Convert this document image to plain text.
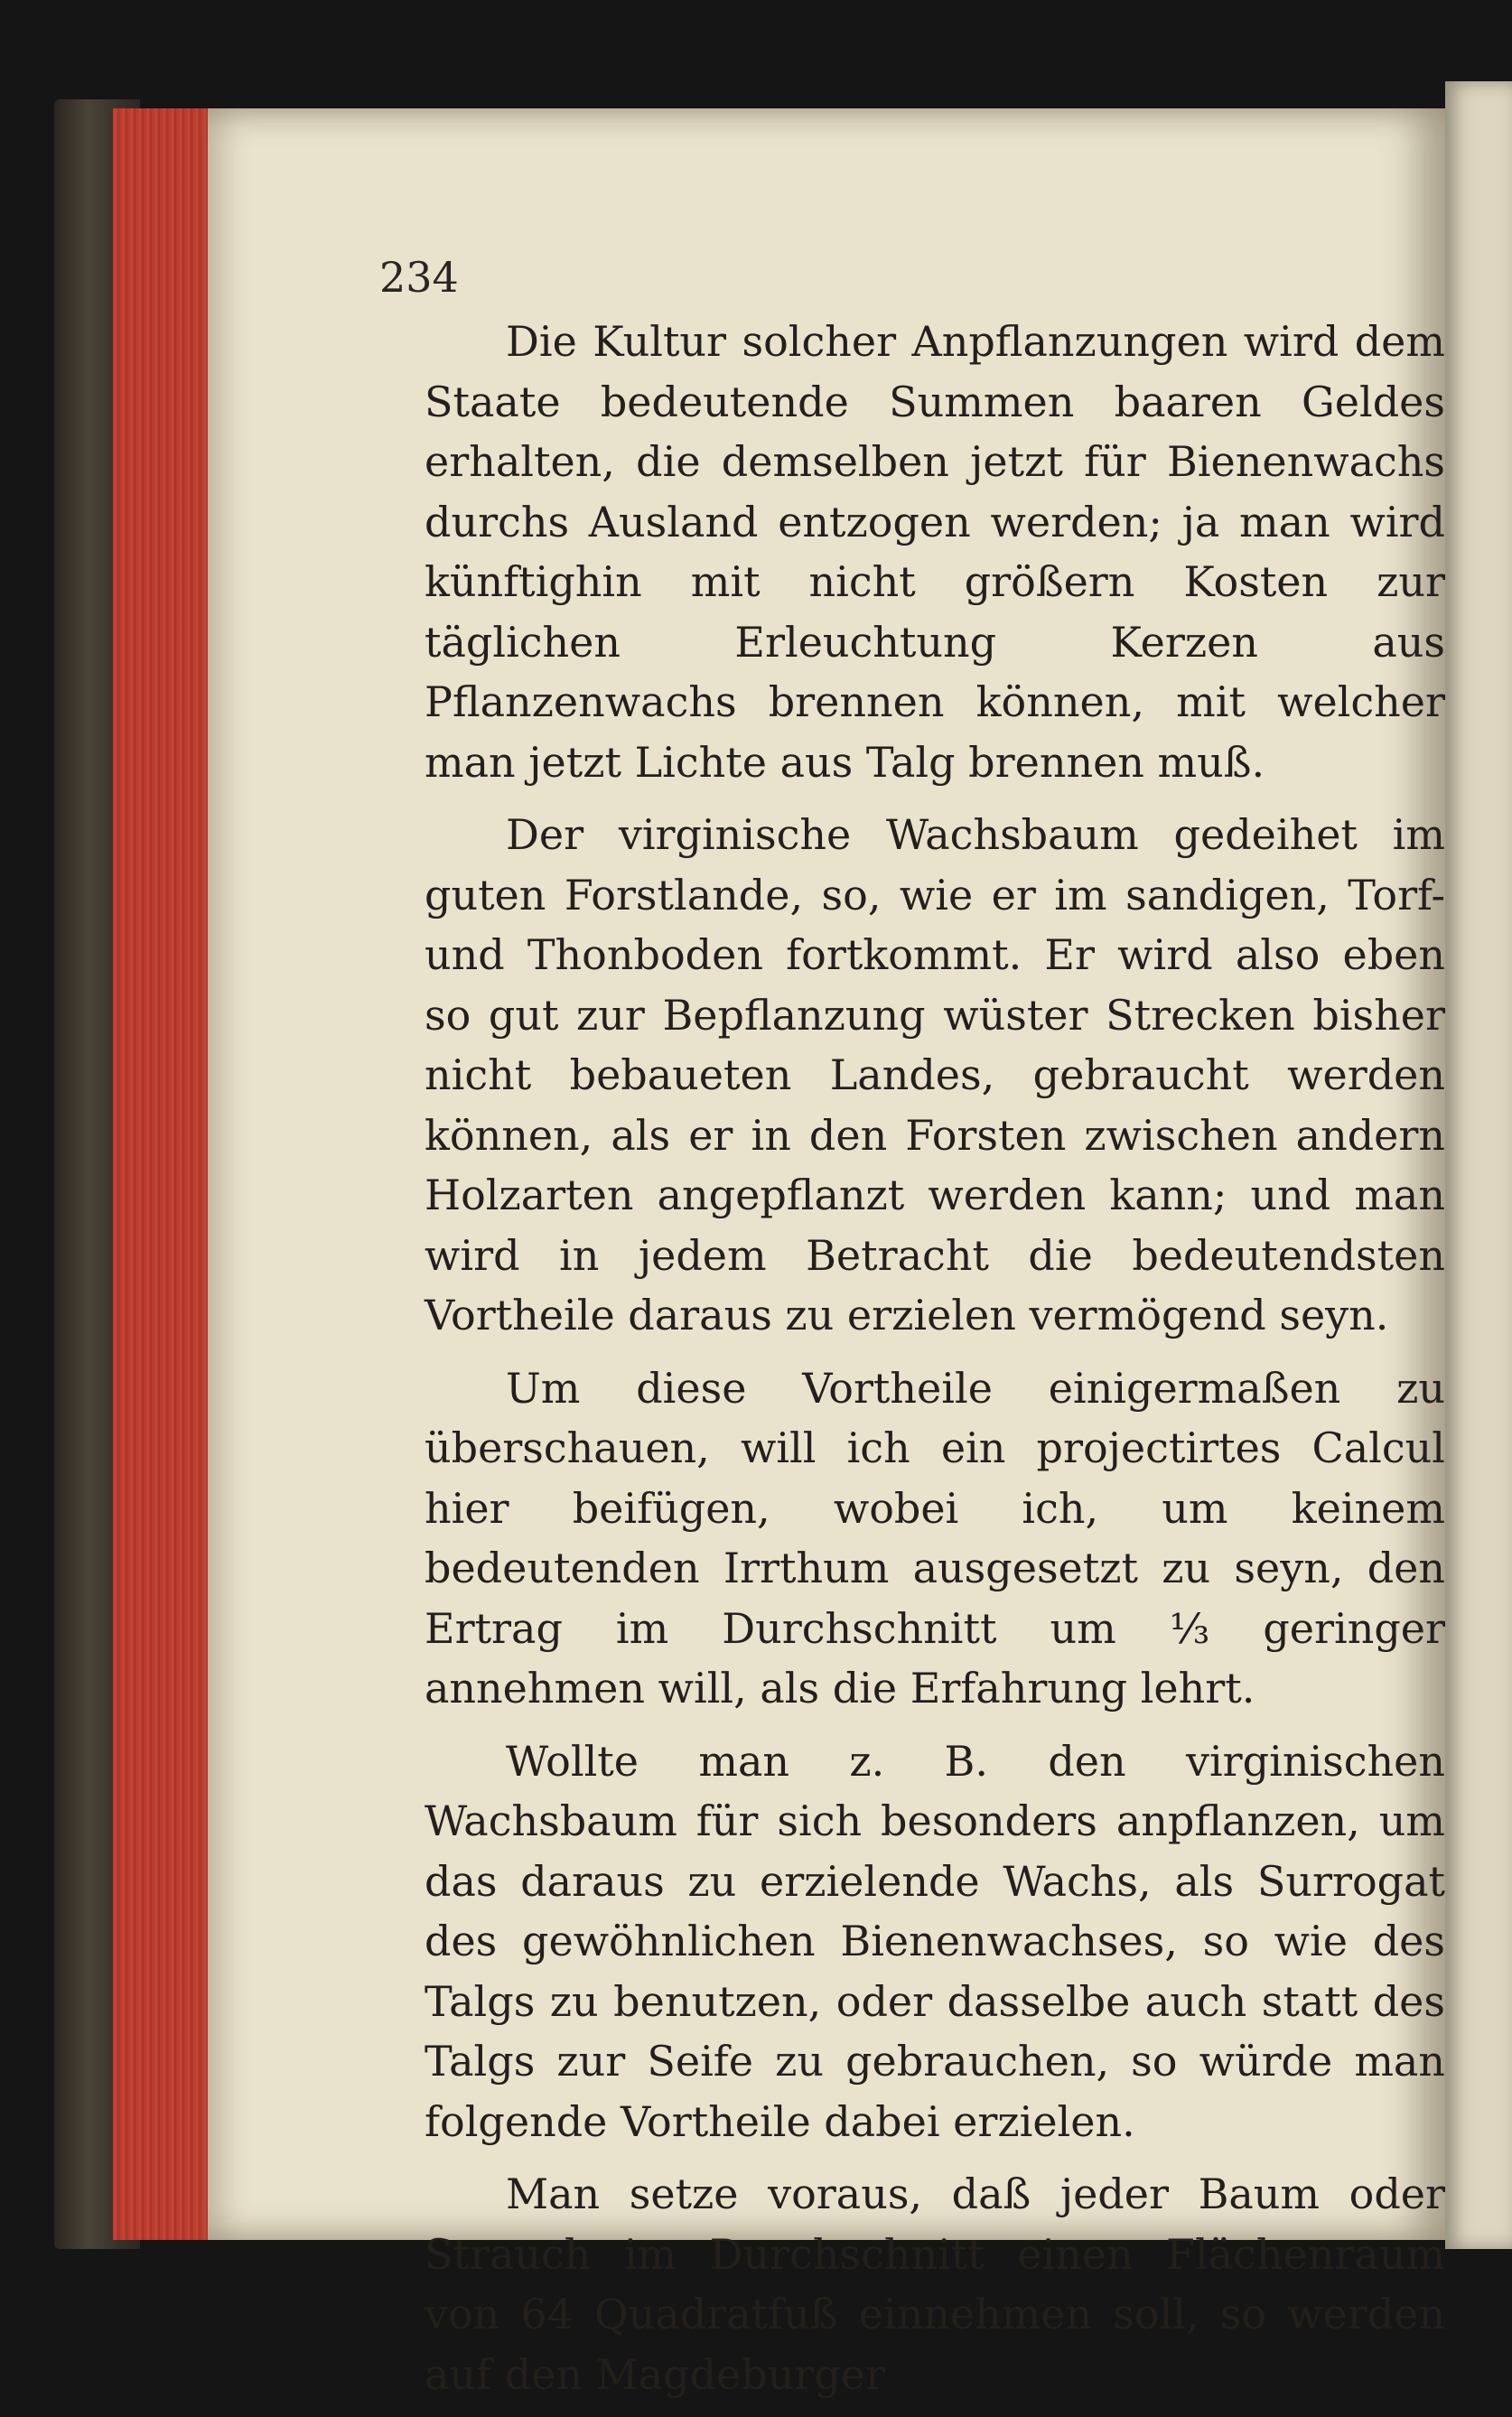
234

Die Kultur solcher Anpflanzungen wird dem Staate bedeutende Summen baaren Geldes erhalten, die demselben jetzt für Bienenwachs durchs Ausland entzogen werden; ja man wird künftighin mit nicht größern Kosten zur täglichen Erleuchtung Kerzen aus Pflanzenwachs brennen können, mit welcher man jetzt Lichte aus Talg brennen muß.

Der virginische Wachsbaum gedeihet im guten Forstlande, so, wie er im sandigen, Torf- und Thonboden fortkommt. Er wird also eben so gut zur Bepflanzung wüster Strecken bisher nicht bebaueten Landes, gebraucht werden können, als er in den Forsten zwischen andern Holzarten angepflanzt werden kann; und man wird in jedem Betracht die bedeutendsten Vortheile daraus zu erzielen vermögend seyn.

Um diese Vortheile einigermaßen zu überschauen, will ich ein projectirtes Calcul hier beifügen, wobei ich, um keinem bedeutenden Irrthum ausgesetzt zu seyn, den Ertrag im Durchschnitt um ⅓ geringer annehmen will, als die Erfahrung lehrt.

Wollte man z. B. den virginischen Wachsbaum für sich besonders anpflanzen, um das daraus zu erzielende Wachs, als Surrogat des gewöhnlichen Bienenwachses, so wie des Talgs zu benutzen, oder dasselbe auch statt des Talgs zur Seife zu gebrauchen, so würde man folgende Vortheile dabei erzielen.

Man setze voraus, daß jeder Baum oder Strauch im Durchschnitt einen Flächenraum von 64 Quadratfuß einnehmen soll, so werden auf den Magdeburger
